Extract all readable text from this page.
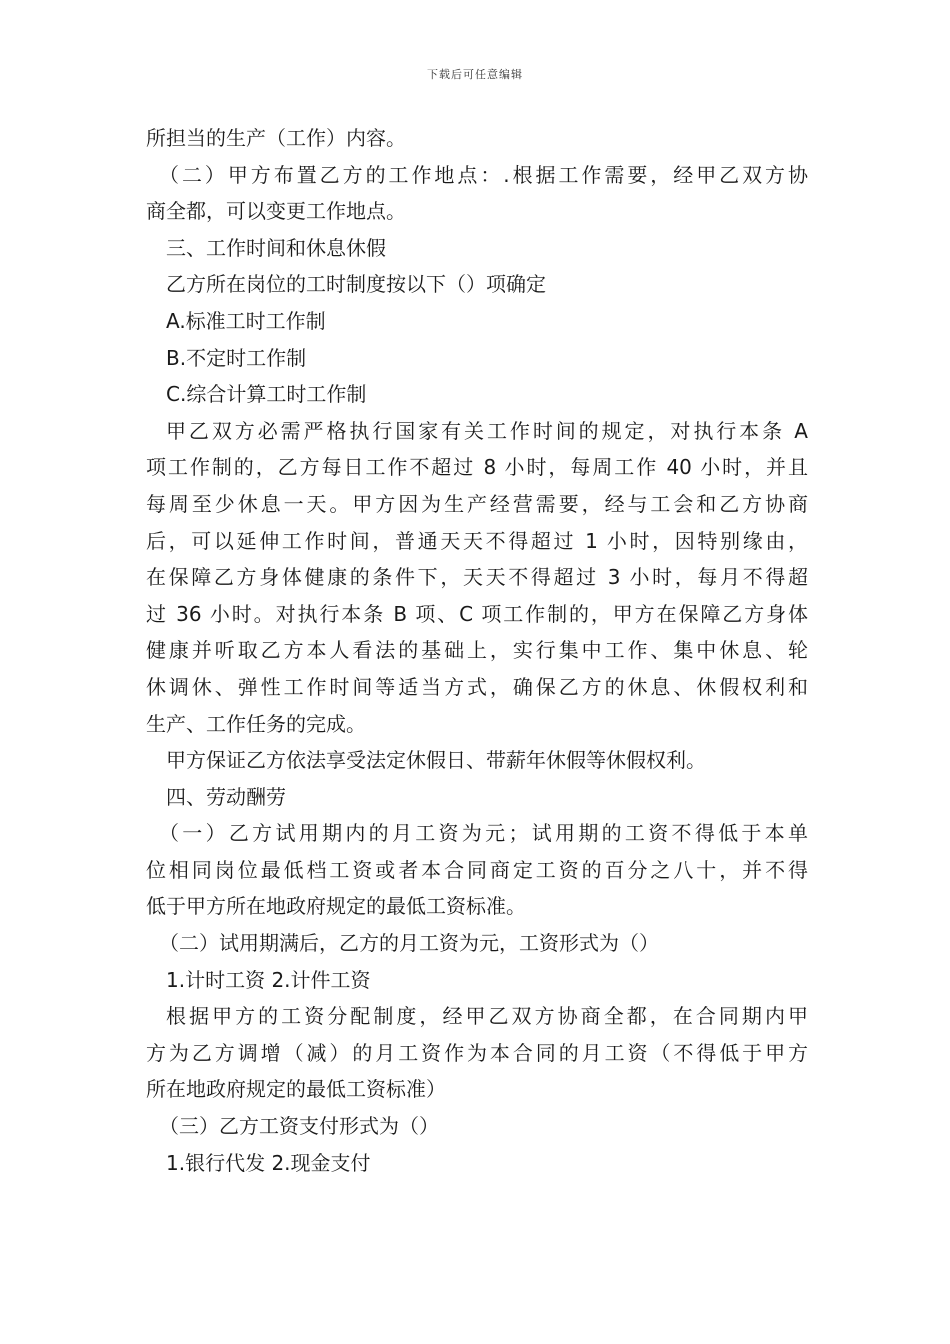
下载后可任意编辑
所担当的生产（工作）内容。
（二）甲方布置乙方的工作地点：.根据工作需要，经甲乙双方协
商全都，可以变更工作地点。
三、工作时间和休息休假
乙方所在岗位的工时制度按以下（）项确定
A.标准工时工作制
B.不定时工作制
C.综合计算工时工作制
甲乙双方必需严格执行国家有关工作时间的规定，对执行本条 A
项工作制的，乙方每日工作不超过 8 小时，每周工作 40 小时，并且
每周至少休息一天。甲方因为生产经营需要，经与工会和乙方协商
后，可以延伸工作时间，普通天天不得超过 1 小时，因特别缘由，
在保障乙方身体健康的条件下，天天不得超过 3 小时，每月不得超
过 36 小时。对执行本条 B 项、C 项工作制的，甲方在保障乙方身体
健康并听取乙方本人看法的基础上，实行集中工作、集中休息、轮
休调休、弹性工作时间等适当方式，确保乙方的休息、休假权利和
生产、工作任务的完成。
甲方保证乙方依法享受法定休假日、带薪年休假等休假权利。
四、劳动酬劳
（一）乙方试用期内的月工资为元；试用期的工资不得低于本单
位相同岗位最低档工资或者本合同商定工资的百分之八十，并不得
低于甲方所在地政府规定的最低工资标准。
（二）试用期满后，乙方的月工资为元，工资形式为（）
1.计时工资 2.计件工资
根据甲方的工资分配制度，经甲乙双方协商全都，在合同期内甲
方为乙方调增（减）的月工资作为本合同的月工资（不得低于甲方
所在地政府规定的最低工资标准）
（三）乙方工资支付形式为（）
1.银行代发 2.现金支付
